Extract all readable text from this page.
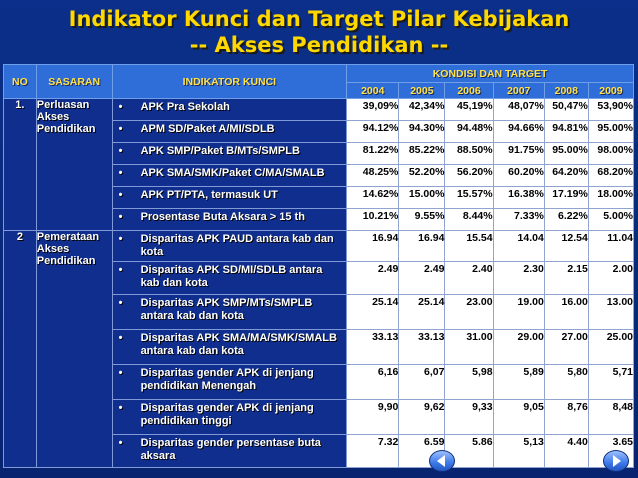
Indikator Kunci dan Target Pilar Kebijakan
-- Akses Pendidikan --
NO	SASARAN	INDIKATOR KUNCI	KONDISI DAN TARGET					
			2004	2005	2006	2007	2008	2009
1.	Perluasan Akses Pendidikan	• APK Pra Sekolah	39,09%	42,34%	45,19%	48,07%	50,47%	53,90%

		• APM SD/Paket A/MI/SDLB	94.12%	94.30%	94.48%	94.66%	94.81%	95.00%

		• APK SMP/Paket B/MTs/SMPLB	81.22%	85.22%	88.50%	91.75%	95.00%	98.00%

		• APK SMA/SMK/Paket C/MA/SMALB	48.25%	52.20%	56.20%	60.20%	64.20%	68.20%

		• APK PT/PTA, termasuk UT	14.62%	15.00%	15.57%	16.38%	17.19%	18.00%

		• Prosentase Buta Aksara > 15 th	10.21%	9.55%	8.44%	7.33%	6.22%	5.00%
2	Pemerataan Akses Pendidikan	• Disparitas APK PAUD antara kab dan kota	16.94	16.94	15.54	14.04	12.54	11.04

		• Disparitas APK SD/MI/SDLB antara kab dan kota	2.49	2.49	2.40	2.30	2.15	2.00

		• Disparitas APK SMP/MTs/SMPLB antara kab dan kota	25.14	25.14	23.00	19.00	16.00	13.00

		• Disparitas APK SMA/MA/SMK/SMALB antara kab dan kota	33.13	33.13	31.00	29.00	27.00	25.00

		• Disparitas gender APK di jenjang pendidikan Menengah	6,16	6,07	5,98	5,89	5,80	5,71

		• Disparitas gender APK di jenjang pendidikan tinggi	9,90	9,62	9,33	9,05	8,76	8,48

		• Disparitas gender persentase buta aksara	7.32	6.59	5.86	5,13	4.40	3.65
